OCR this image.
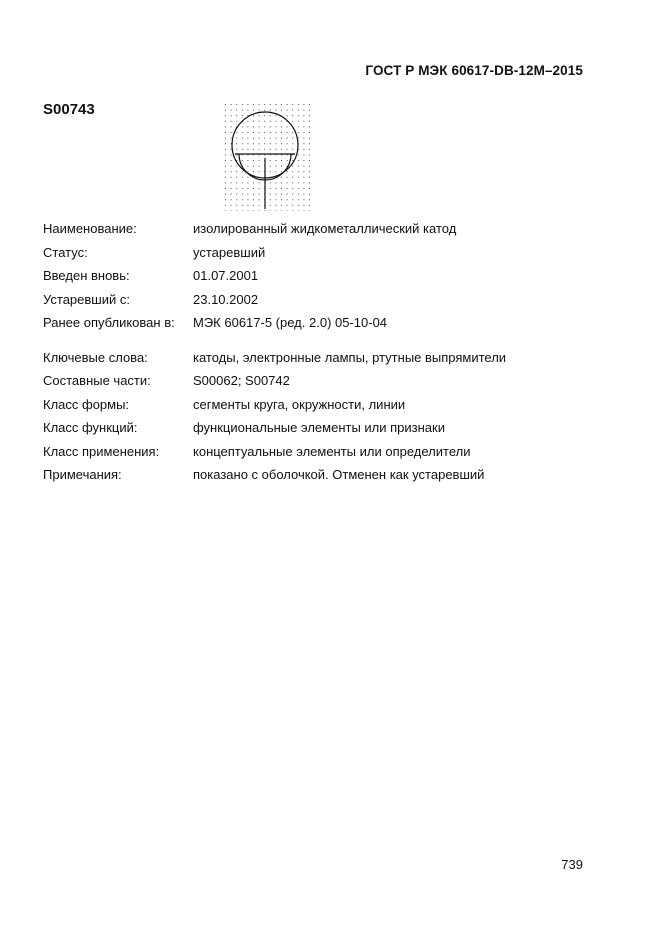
ГОСТ Р МЭК 60617-DB-12M–2015
S00743
Наименование:	изолированный жидкометаллический катод
Статус:	устаревший
Введен вновь:	01.07.2001
Устаревший с:	23.10.2002
Ранее опубликован в:	МЭК 60617-5 (ред. 2.0) 05-10-04
Ключевые слова:	катоды, электронные лампы, ртутные выпрямители
Составные части:	S00062; S00742
Класс формы:	сегменты круга, окружности, линии
Класс функций:	функциональные элементы или признаки
Класс применения:	концептуальные элементы или определители
Примечания:	показано с оболочкой. Отменен как устаревший
739
